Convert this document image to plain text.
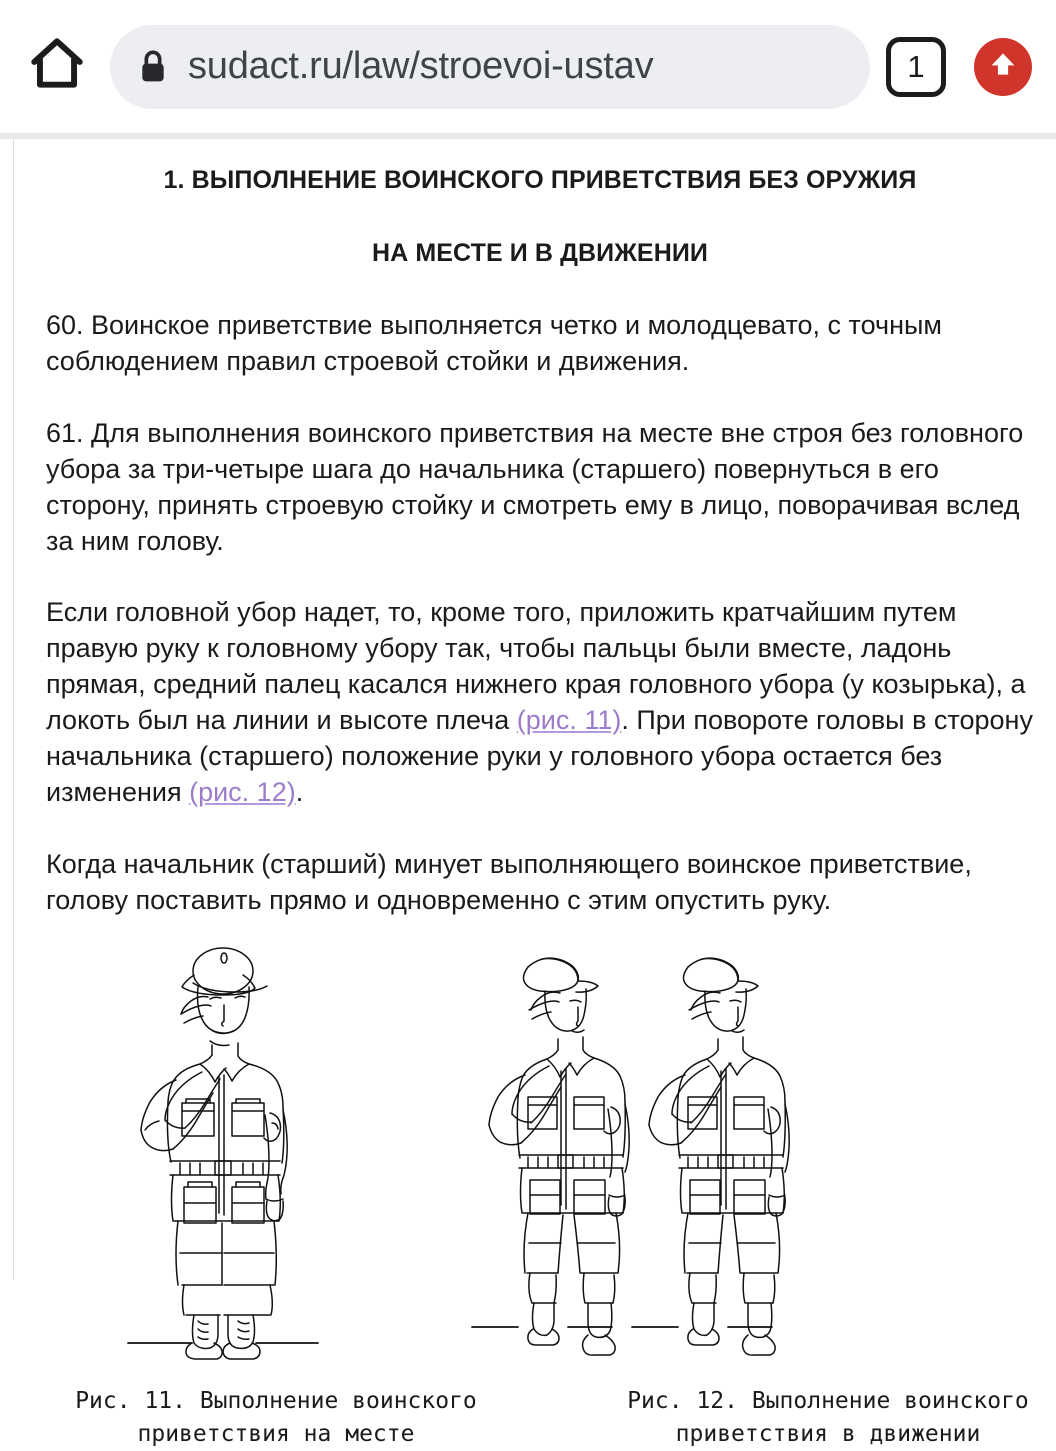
sudact.ru/law/stroevoi-ustav	1
1. ВЫПОЛНЕНИЕ ВОИНСКОГО ПРИВЕТСТВИЯ БЕЗ ОРУЖИЯ
НА МЕСТЕ И В ДВИЖЕНИИ

60. Воинское приветствие выполняется четко и молодцевато, с точным соблюдением правил строевой стойки и движения.

61. Для выполнения воинского приветствия на месте вне строя без головного убора за три-четыре шага до начальника (старшего) повернуться в его сторону, принять строевую стойку и смотреть ему в лицо, поворачивая вслед за ним голову.

Если головной убор надет, то, кроме того, приложить кратчайшим путем правую руку к головному убору так, чтобы пальцы были вместе, ладонь прямая, средний палец касался нижнего края головного убора (у козырька), а локоть был на линии и высоте плеча (рис. 11). При повороте головы в сторону начальника (старшего) положение руки у головного убора остается без изменения (рис. 12).

Когда начальник (старший) минует выполняющего воинское приветствие, голову поставить прямо и одновременно с этим опустить руку.

Рис. 11. Выполнение воинского
приветствия на месте
Рис. 12. Выполнение воинского
приветствия в движении
